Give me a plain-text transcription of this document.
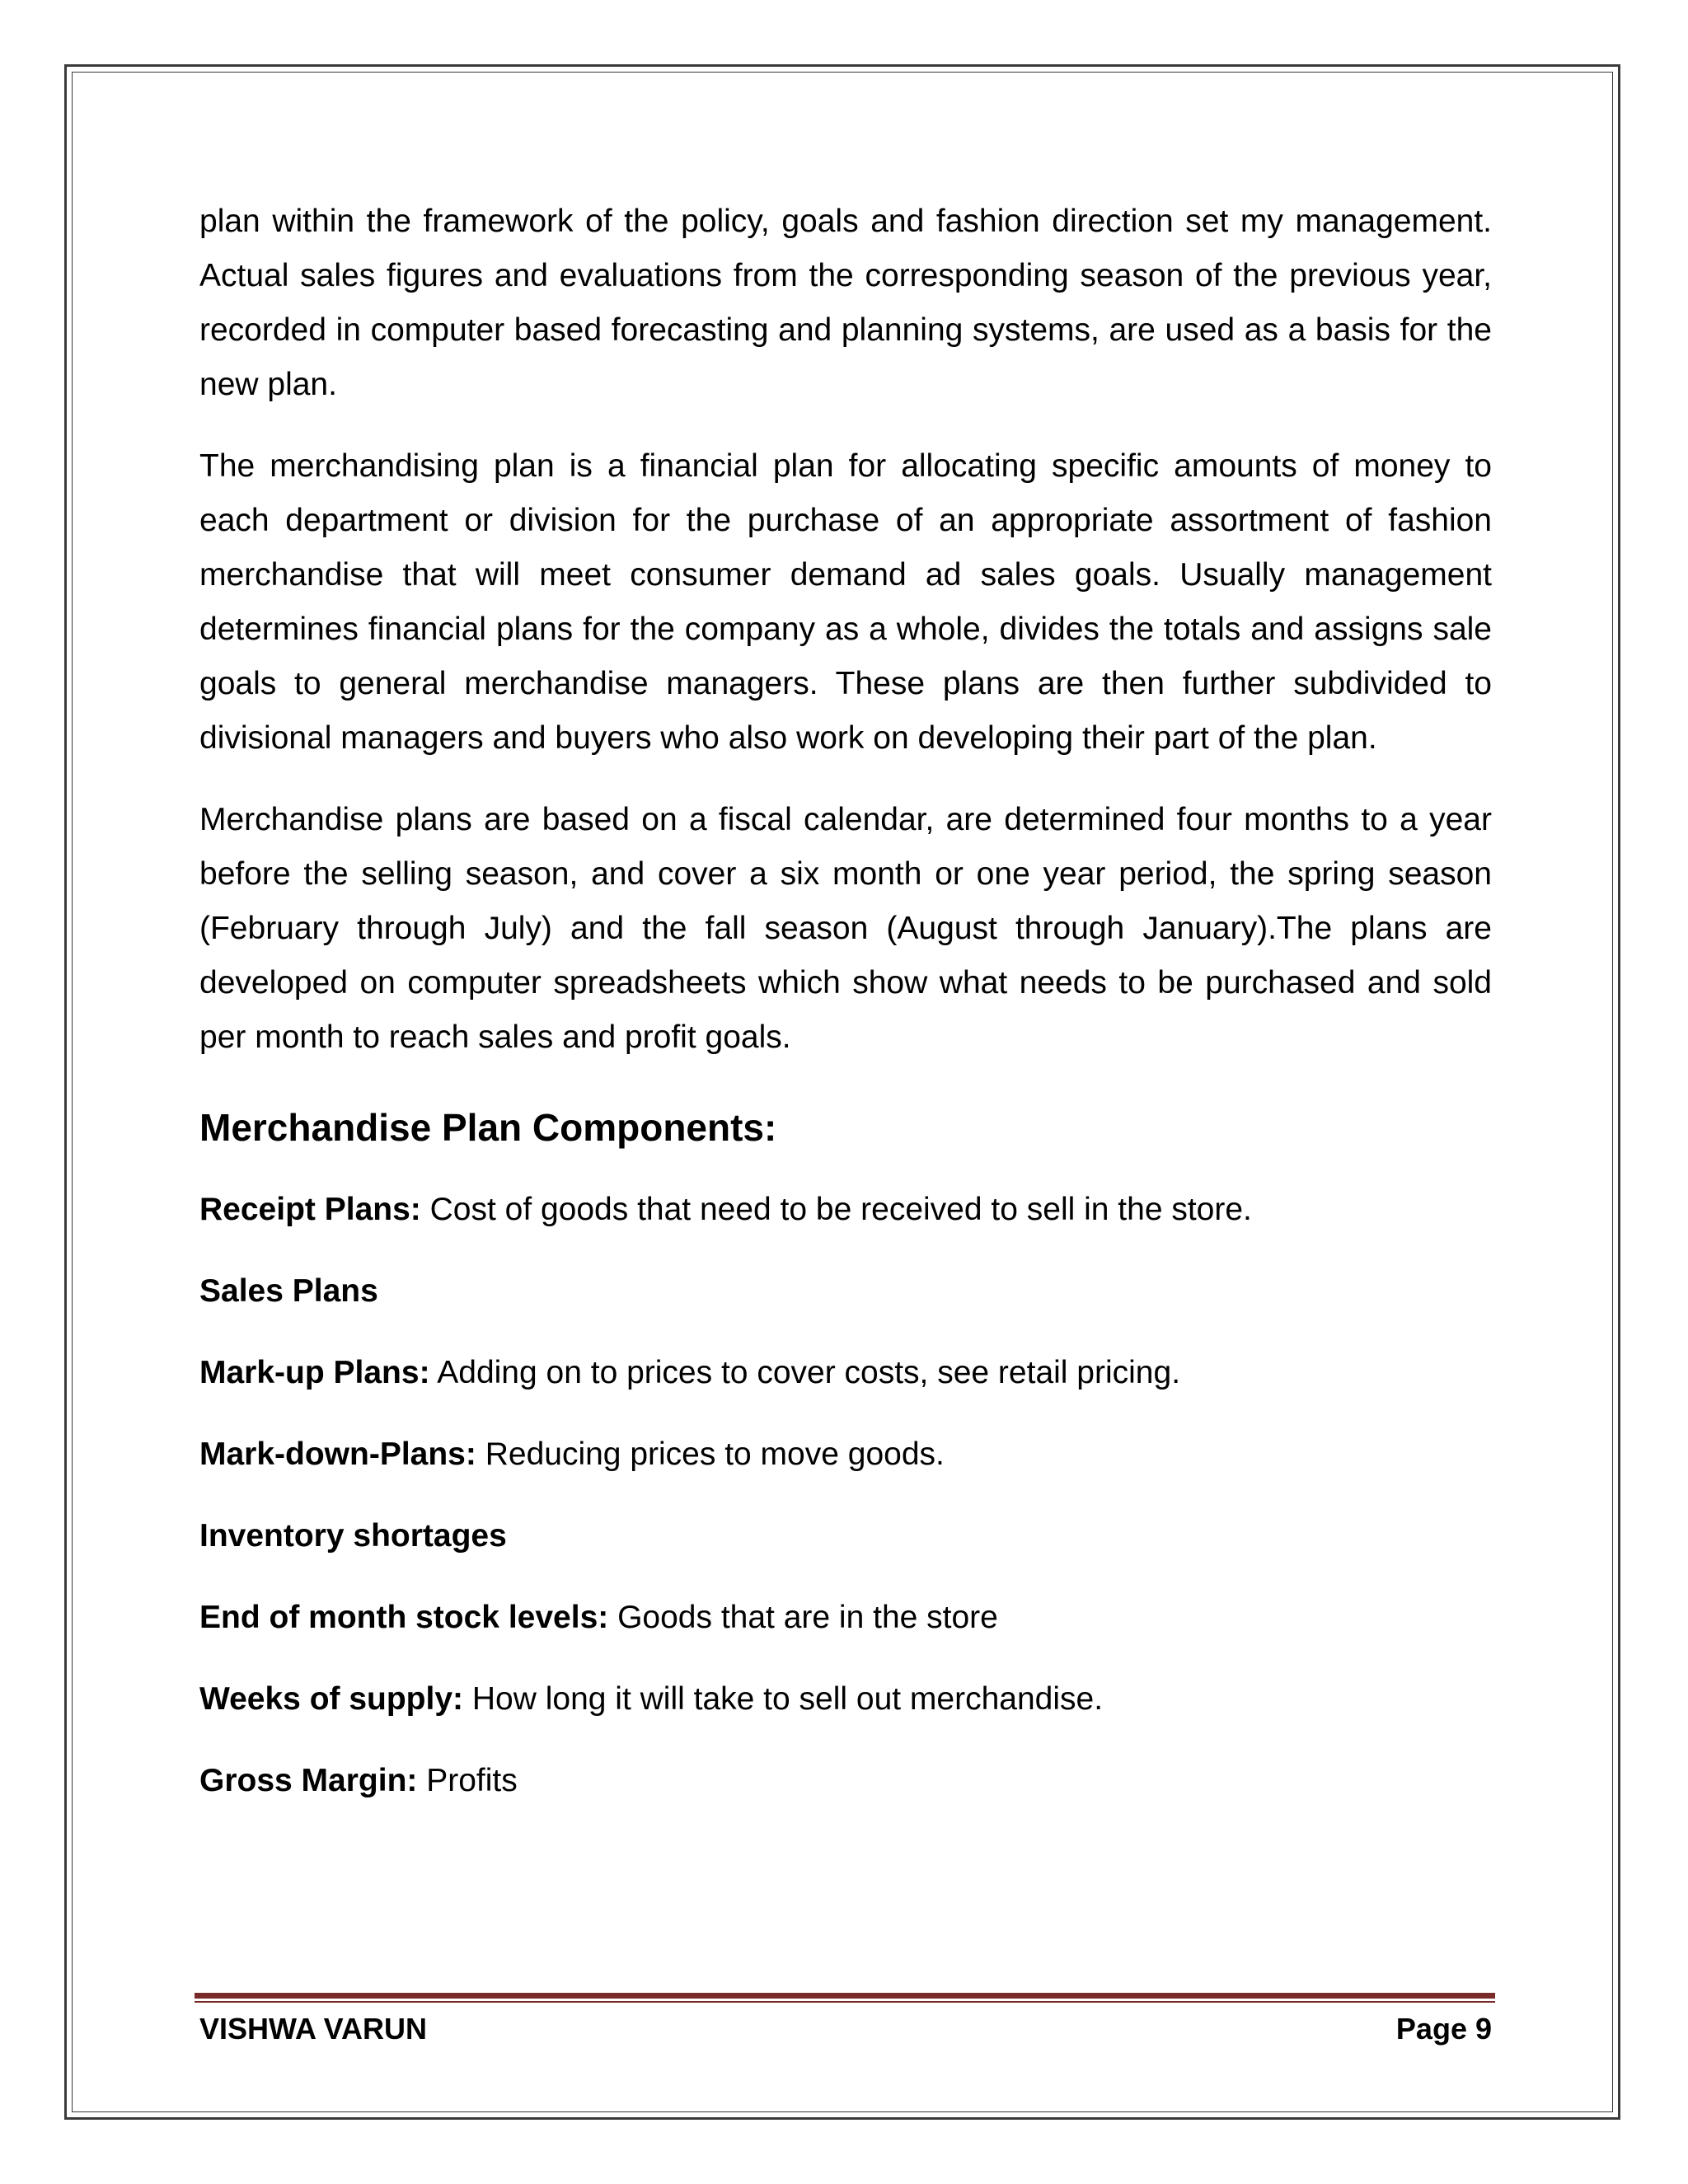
plan within the framework of the policy, goals and fashion direction set my management. Actual sales figures and evaluations from the corresponding season of the previous year, recorded in computer based forecasting and planning systems, are used as a basis for the new plan.

The merchandising plan is a financial plan for allocating specific amounts of money to each department or division for the purchase of an appropriate assortment of fashion merchandise that will meet consumer demand ad sales goals. Usually management determines financial plans for the company as a whole, divides the totals and assigns sale goals to general merchandise managers. These plans are then further subdivided to divisional managers and buyers who also work on developing their part of the plan.

Merchandise plans are based on a fiscal calendar, are determined four months to a year before the selling season, and cover a six month or one year period, the spring season (February through July) and the fall season (August through January).The plans are developed on computer spreadsheets which show what needs to be purchased and sold per month to reach sales and profit goals.

Merchandise Plan Components:
Receipt Plans: Cost of goods that need to be received to sell in the store.
Sales Plans
Mark-up Plans: Adding on to prices to cover costs, see retail pricing.
Mark-down-Plans: Reducing prices to move goods.
Inventory shortages
End of month stock levels: Goods that are in the store
Weeks of supply: How long it will take to sell out merchandise.
Gross Margin: Profits
VISHWA VARUN	Page 9
